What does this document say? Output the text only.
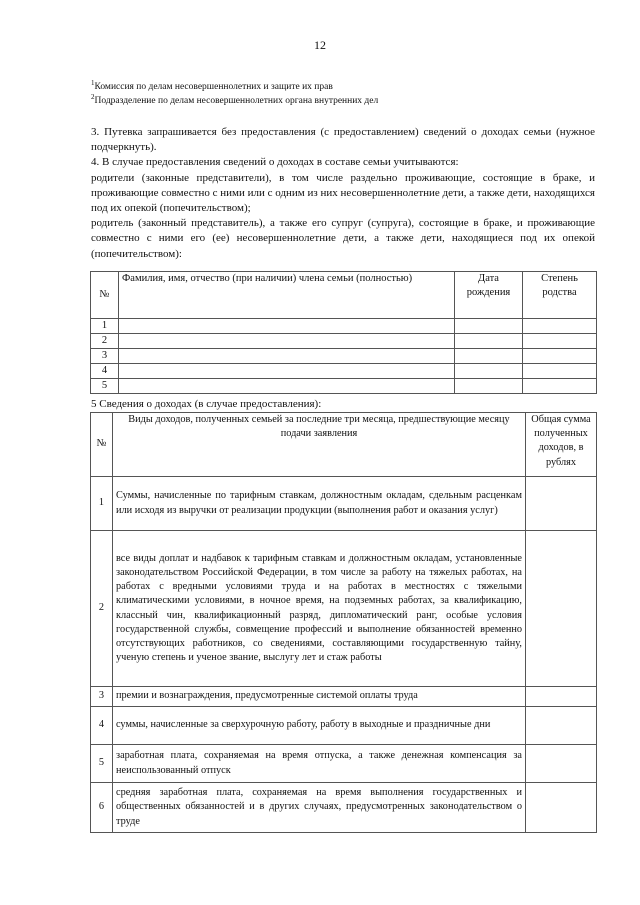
12
$^1$Комиссия по делам несовершеннолетних и защите их прав
$^2$Подразделение по делам несовершеннолетних органа внутренних дел

3. Путевка запрашивается без предоставления (с предоставлением) сведений о доходах семьи (нужное подчеркнуть).

4. В случае предоставления сведений о доходах в составе семьи учитываются:

родители (законные представители), в том числе раздельно проживающие, состоящие в браке, и проживающие совместно с ними или с одним из них несовершеннолетние дети, а также дети, находящихся под их опекой (попечительством);

родитель (законный представитель), а также его супруг (супруга), состоящие в браке, и проживающие совместно с ними его (ее) несовершеннолетние дети, а также дети, находящиеся под их опекой (попечительством):

№	Фамилия, имя, отчество (при наличии) члена семьи (полностью)	Дата рождения	Степень родства
1			
2			
3			
4			
5			
5 Сведения о доходах (в случае предоставления):
№	Виды доходов, полученных семьей за последние три месяца, предшествующие месяцу подачи заявления	Общая сумма полученных доходов, в рублях
1	Суммы, начисленные по тарифным ставкам, должностным окладам, сдельным расценкам или исходя из выручки от реализации продукции (выполнения работ и оказания услуг)	
2	все виды доплат и надбавок к тарифным ставкам и должностным окладам, установленные законодательством Российской Федерации, в том числе за работу на тяжелых работах, на работах с вредными условиями труда и на работах в местностях с тяжелыми климатическими условиями, в ночное время, на подземных работах, за квалификацию, классный чин, квалификационный разряд, дипломатический ранг, особые условия государственной службы, совмещение профессий и выполнение обязанностей временно отсутствующих работников, со сведениями, составляющими государственную тайну, ученую степень и ученое звание, выслугу лет и стаж работы	
3	премии и вознаграждения, предусмотренные системой оплаты труда	
4	суммы, начисленные за сверхурочную работу, работу в выходные и праздничные дни	
5	заработная плата, сохраняемая на время отпуска, а также денежная компенсация за неиспользованный отпуск	
6	средняя заработная плата, сохраняемая на время выполнения государственных и общественных обязанностей и в других случаях, предусмотренных законодательством о труде	
